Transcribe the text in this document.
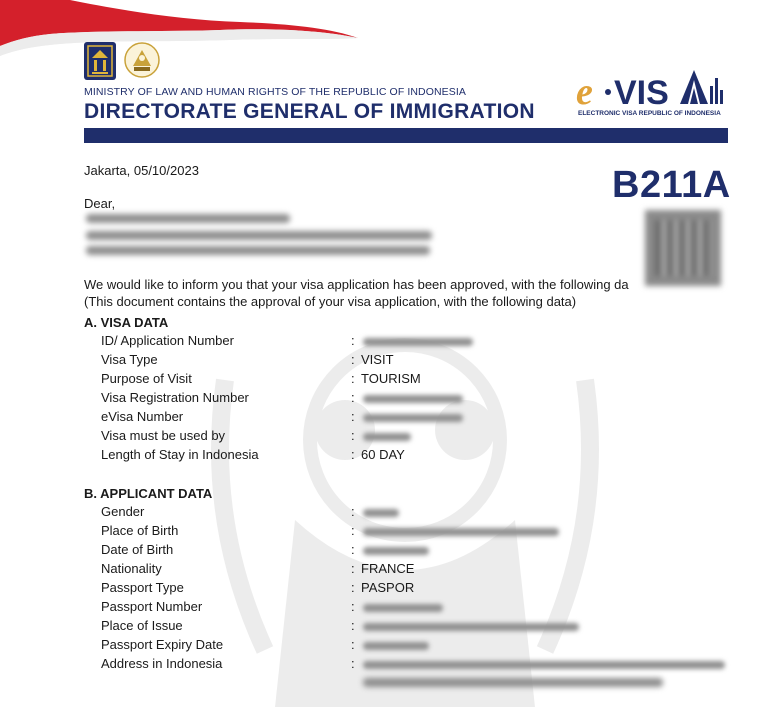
MINISTRY OF LAW AND HUMAN RIGHTS OF THE REPUBLIC OF INDONESIA
DIRECTORATE GENERAL OF IMMIGRATION e VIS
ELECTRONIC VISA REPUBLIC OF INDONESIA
Jakarta, 05/10/2023	B211A
Dear,
We would like to inform you that your visa application has been approved, with the following da
(This document contains the approval of your visa application, with the following data)
A. VISA DATA
ID/ Application Number	:
Visa Type	: VISIT
Purpose of Visit	: TOURISM
Visa Registration Number	:
eVisa Number	:
Visa must be used by	:
Length of Stay in Indonesia	: 60 DAY
B. APPLICANT DATA
Gender	:
Place of Birth	:
Date of Birth	:
Nationality	: FRANCE
Passport Type	: PASPOR
Passport Number	:
Place of Issue	:
Passport Expiry Date	:
Address in Indonesia	:
